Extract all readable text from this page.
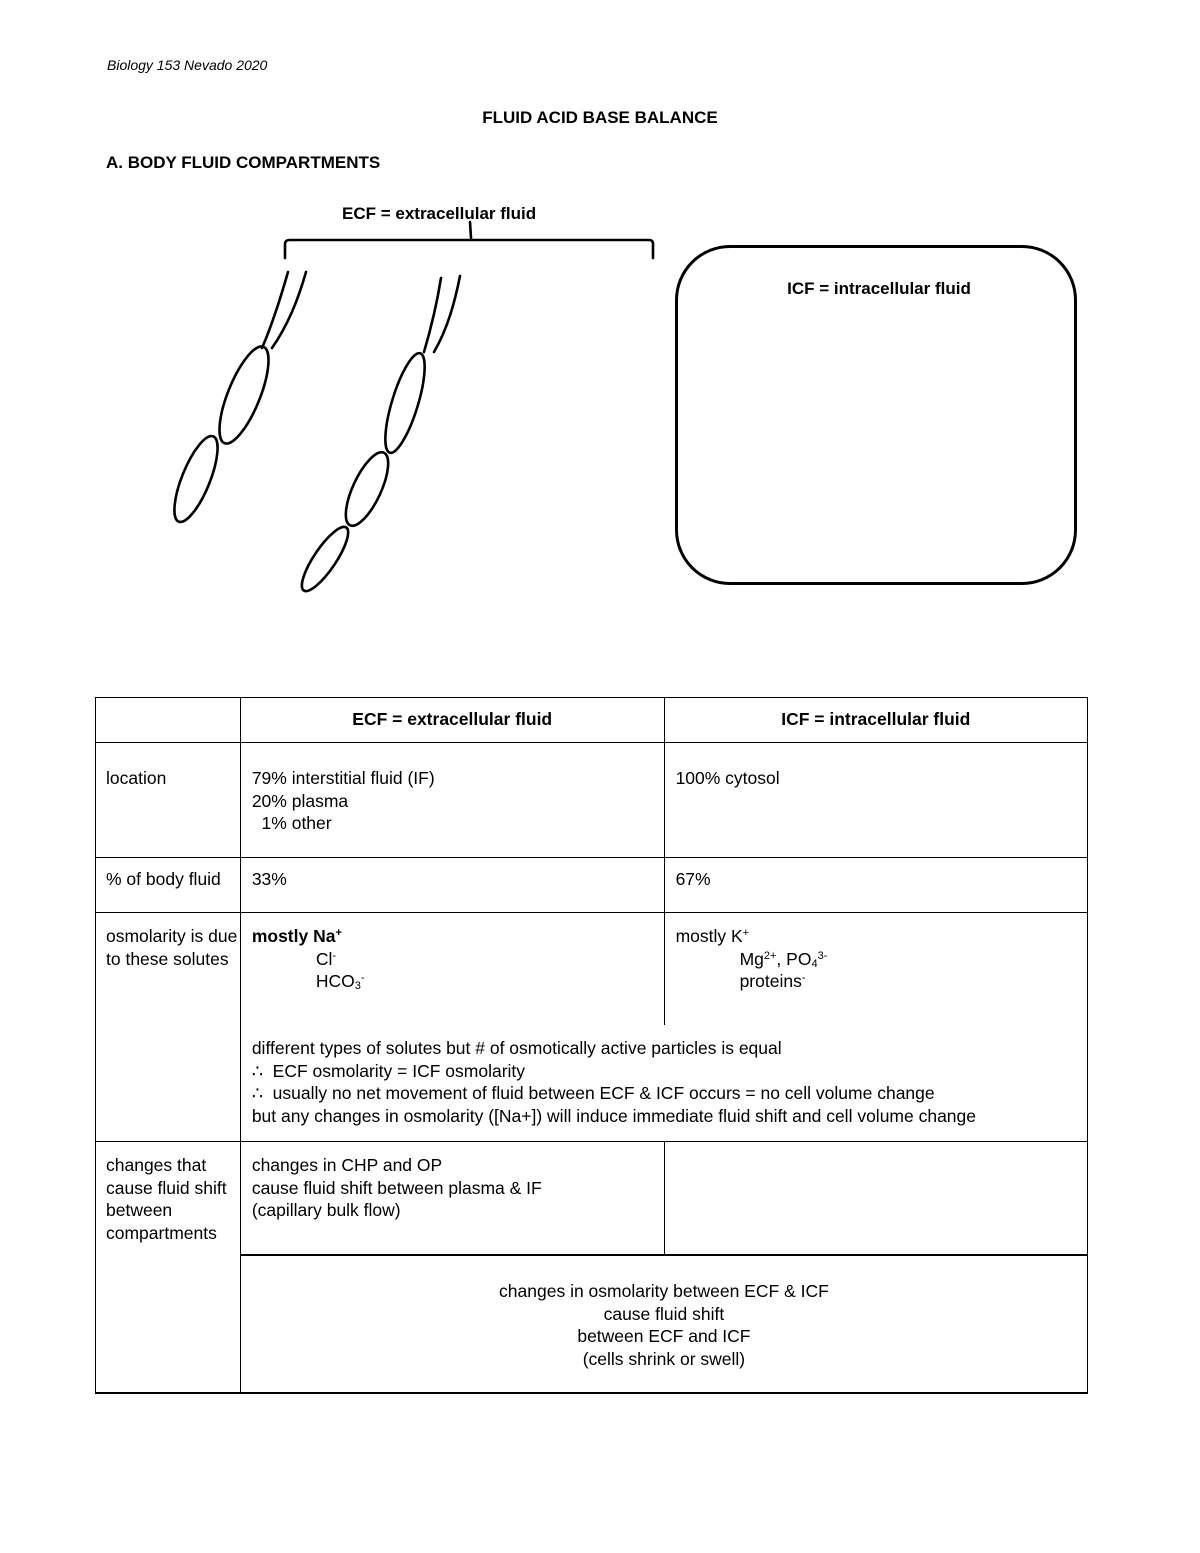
Biology 153 Nevado 2020
FLUID ACID BASE BALANCE
A. BODY FLUID COMPARTMENTS
ECF = extracellular fluid
ICF = intracellular fluid
	ECF = extracellular fluid	ICF = intracellular fluid
location	79% interstitial fluid (IF)
20% plasma
1% other	100% cytosol
% of body fluid	33%	67%
osmolarity is due to these solutes	mostly Na+
Cl-
$HCO_3^-$	mostly K+
$Mg^{2+}$, $PO_4^{3-}$
proteins-

	different types of solutes but # of osmotically active particles is equal
∴  ECF osmolarity = ICF osmolarity
∴  usually no net movement of fluid between ECF & ICF occurs = no cell volume change
but any changes in osmolarity ([Na+]) will induce immediate fluid shift and cell volume change	

changes that cause fluid shift between compartments	changes in CHP and OP
cause fluid shift between plasma & IF
(capillary bulk flow)	

	changes in osmolarity between ECF & ICF
cause fluid shift
between ECF and ICF
(cells shrink or swell)	
